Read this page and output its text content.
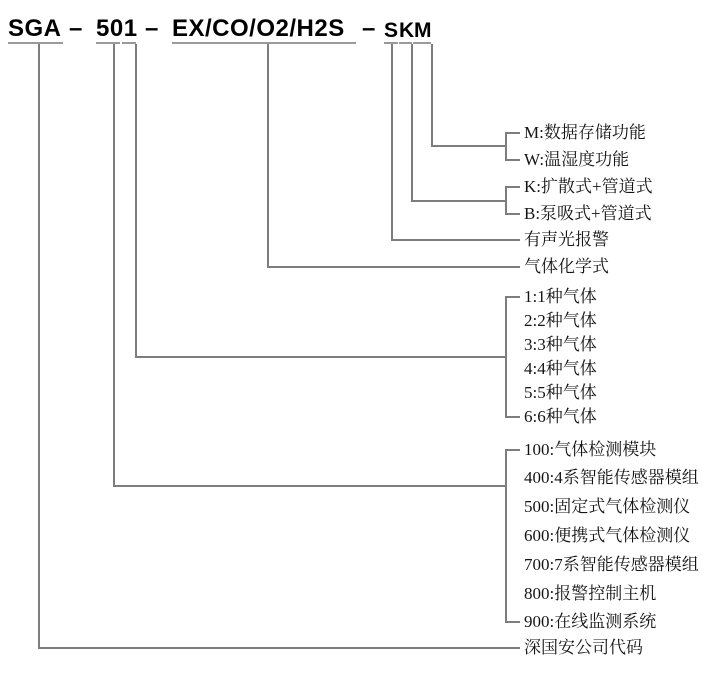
SGA – 501 – EX/CO/O2/H2S – S K M
M:数据存储功能
W:温湿度功能
K:扩散式+管道式
B:泵吸式+管道式
有声光报警
气体化学式
1:1种气体
2:2种气体
3:3种气体
4:4种气体
5:5种气体
6:6种气体
100:气体检测模块
400:4系智能传感器模组
500:固定式气体检测仪
600:便携式气体检测仪
700:7系智能传感器模组
800:报警控制主机
900:在线监测系统
深国安公司代码
